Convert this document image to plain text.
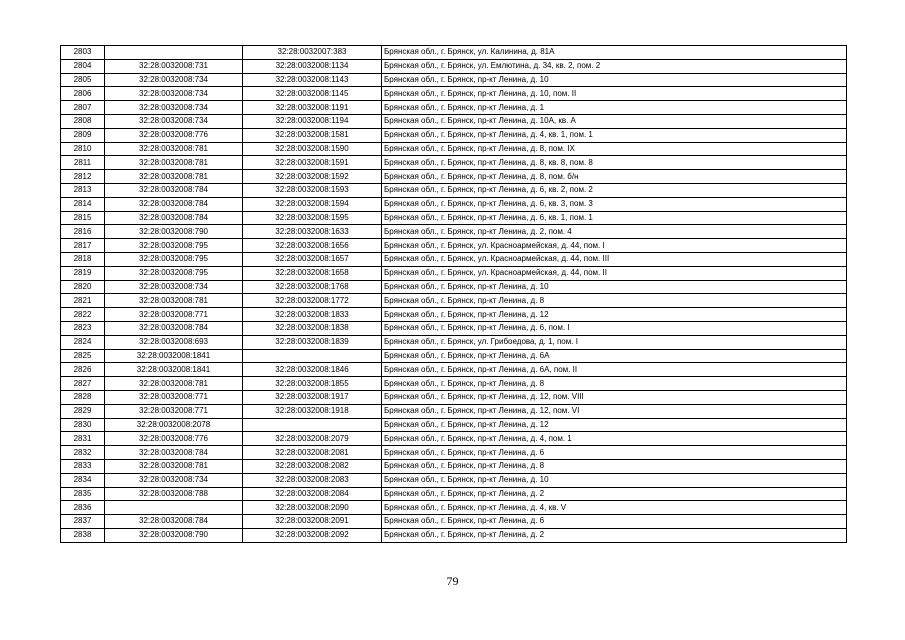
2803		32:28:0032007:383	Брянская обл., г. Брянск, ул. Калинина, д. 81А
2804	32:28:0032008:731	32:28:0032008:1134	Брянская обл., г. Брянск, ул. Емлютина, д. 34, кв. 2, пом. 2
2805	32:28:0032008:734	32:28:0032008:1143	Брянская обл., г. Брянск, пр-кт Ленина, д. 10
2806	32:28:0032008:734	32:28:0032008:1145	Брянская обл., г. Брянск, пр-кт Ленина, д. 10, пом. II
2807	32:28:0032008:734	32:28:0032008:1191	Брянская обл., г. Брянск, пр-кт Ленина, д. 1
2808	32:28:0032008:734	32:28:0032008:1194	Брянская обл., г. Брянск, пр-кт Ленина, д. 10А, кв. А
2809	32:28:0032008:776	32:28:0032008:1581	Брянская обл., г. Брянск, пр-кт Ленина, д. 4, кв. 1, пом. 1
2810	32:28:0032008:781	32:28:0032008:1590	Брянская обл., г. Брянск, пр-кт Ленина, д. 8, пом. IX
2811	32:28:0032008:781	32:28:0032008:1591	Брянская обл., г. Брянск, пр-кт Ленина, д. 8, кв. 8, пом. 8
2812	32:28:0032008:781	32:28:0032008:1592	Брянская обл., г. Брянск, пр-кт Ленина, д. 8, пом. б/н
2813	32:28:0032008:784	32:28:0032008:1593	Брянская обл., г. Брянск, пр-кт Ленина, д. 6, кв. 2, пом. 2
2814	32:28:0032008:784	32:28:0032008:1594	Брянская обл., г. Брянск, пр-кт Ленина, д. 6, кв. 3, пом. 3
2815	32:28:0032008:784	32:28:0032008:1595	Брянская обл., г. Брянск, пр-кт Ленина, д. 6, кв. 1, пом. 1
2816	32:28:0032008:790	32:28:0032008:1633	Брянская обл., г. Брянск, пр-кт Ленина, д. 2, пом. 4
2817	32:28:0032008:795	32:28:0032008:1656	Брянская обл., г. Брянск, ул. Красноармейская, д. 44, пом. I
2818	32:28:0032008:795	32:28:0032008:1657	Брянская обл., г. Брянск, ул. Красноармейская, д. 44, пом. III
2819	32:28:0032008:795	32:28:0032008:1658	Брянская обл., г. Брянск, ул. Красноармейская, д. 44, пом. II
2820	32:28:0032008:734	32:28:0032008:1768	Брянская обл., г. Брянск, пр-кт Ленина, д. 10
2821	32:28:0032008:781	32:28:0032008:1772	Брянская обл., г. Брянск, пр-кт Ленина, д. 8
2822	32:28:0032008:771	32:28:0032008:1833	Брянская обл., г. Брянск, пр-кт Ленина, д. 12
2823	32:28:0032008:784	32:28:0032008:1838	Брянская обл., г. Брянск, пр-кт Ленина, д. 6, пом. I
2824	32:28:0032008:693	32:28:0032008:1839	Брянская обл., г. Брянск, ул. Грибоедова, д. 1, пом. I
2825	32:28:0032008:1841		Брянская обл., г. Брянск, пр-кт Ленина, д. 6А
2826	32:28:0032008:1841	32:28:0032008:1846	Брянская обл., г. Брянск, пр-кт Ленина, д. 6А, пом. II
2827	32:28:0032008:781	32:28:0032008:1855	Брянская обл., г. Брянск, пр-кт Ленина, д. 8
2828	32:28:0032008:771	32:28:0032008:1917	Брянская обл., г. Брянск, пр-кт Ленина, д. 12, пом. VIII
2829	32:28:0032008:771	32:28:0032008:1918	Брянская обл., г. Брянск, пр-кт Ленина, д. 12, пом. VI
2830	32:28:0032008:2078		Брянская обл., г. Брянск, пр-кт Ленина, д. 12
2831	32:28:0032008:776	32:28:0032008:2079	Брянская обл., г. Брянск, пр-кт Ленина, д. 4, пом. 1
2832	32:28:0032008:784	32:28:0032008:2081	Брянская обл., г. Брянск, пр-кт Ленина, д. 6
2833	32:28:0032008:781	32:28:0032008:2082	Брянская обл., г. Брянск, пр-кт Ленина, д. 8
2834	32:28:0032008:734	32:28:0032008:2083	Брянская обл., г. Брянск, пр-кт Ленина, д. 10
2835	32:28:0032008:788	32:28:0032008:2084	Брянская обл., г. Брянск, пр-кт Ленина, д. 2
2836		32:28:0032008:2090	Брянская обл., г. Брянск, пр-кт Ленина, д. 4, кв. V
2837	32:28:0032008:784	32:28:0032008:2091	Брянская обл., г. Брянск, пр-кт Ленина, д. 6
2838	32:28:0032008:790	32:28:0032008:2092	Брянская обл., г. Брянск, пр-кт Ленина, д. 2
79
